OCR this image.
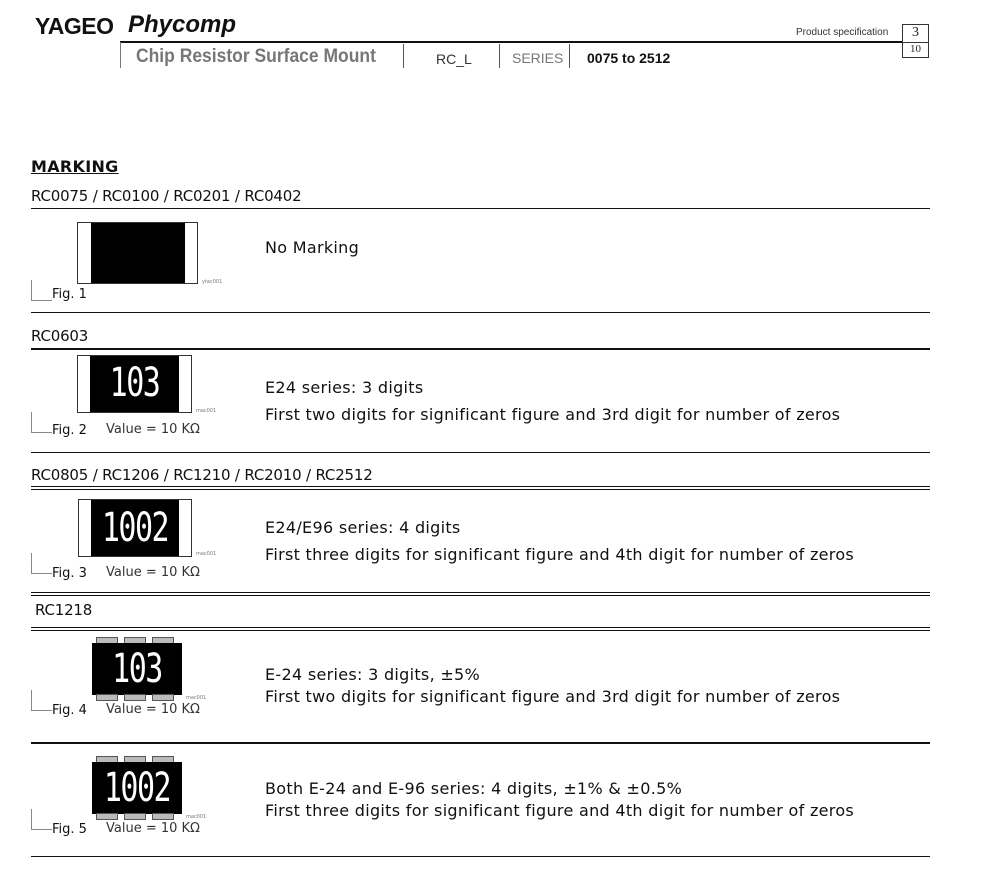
YAGEO Phycomp
Chip Resistor Surface Mount	RC_L	SERIES 0075 to 2512
Product specification	3
10
MARKING
RC0075 / RC0100 / RC0201 / RC0402
ytac001
Fig. 1
No Marking
RC0603
103
mac001
Fig. 2 Value = 10 KΩ
E24 series: 3 digits
First two digits for significant figure and 3rd digit for number of zeros
RC0805 / RC1206 / RC1210 / RC2010 / RC2512
1002
mac001
Fig. 3 Value = 10 KΩ
E24/E96 series: 4 digits
First three digits for significant figure and 4th digit for number of zeros
RC1218
103
mac001
Fig. 4 Value = 10 KΩ
E-24 series: 3 digits, ±5%
First two digits for significant figure and 3rd digit for number of zeros
1002
mac001
Fig. 5 Value = 10 KΩ
Both E-24 and E-96 series: 4 digits, ±1% & ±0.5%
First three digits for significant figure and 4th digit for number of zeros
